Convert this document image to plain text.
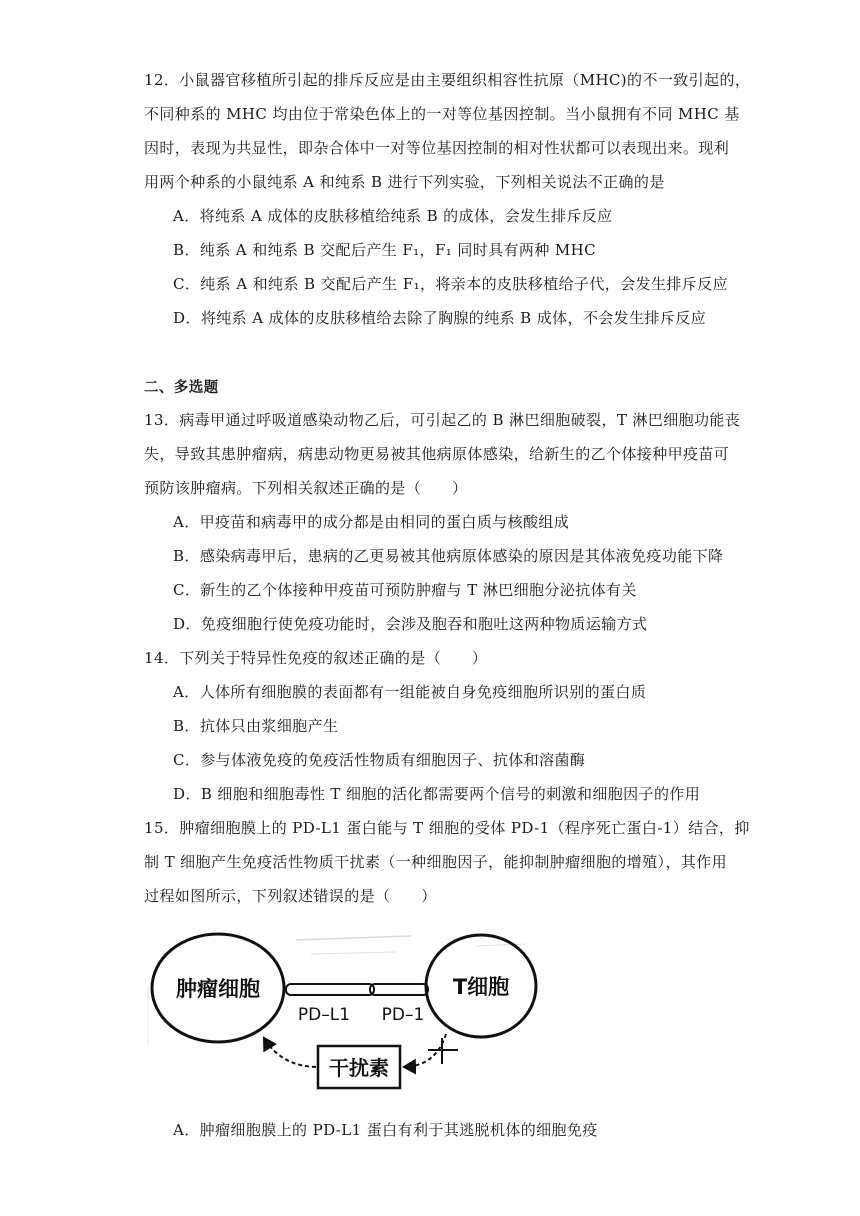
12．小鼠器官移植所引起的排斥反应是由主要组织相容性抗原（MHC)的不一致引起的，
不同种系的 MHC 均由位于常染色体上的一对等位基因控制。当小鼠拥有不同 MHC 基
因时，表现为共显性，即杂合体中一对等位基因控制的相对性状都可以表现出来。现利
用两个种系的小鼠纯系 A 和纯系 B 进行下列实验，下列相关说法不正确的是
A．将纯系 A 成体的皮肤移植给纯系 B 的成体，会发生排斥反应
B．纯系 A 和纯系 B 交配后产生 F₁，F₁ 同时具有两种 MHC
C．纯系 A 和纯系 B 交配后产生 F₁，将亲本的皮肤移植给子代，会发生排斥反应
D．将纯系 A 成体的皮肤移植给去除了胸腺的纯系 B 成体，不会发生排斥反应
二、多选题
13．病毒甲通过呼吸道感染动物乙后，可引起乙的 B 淋巴细胞破裂，T 淋巴细胞功能丧
失，导致其患肿瘤病，病患动物更易被其他病原体感染，给新生的乙个体接种甲疫苗可
预防该肿瘤病。下列相关叙述正确的是（　　）
A．甲疫苗和病毒甲的成分都是由相同的蛋白质与核酸组成
B．感染病毒甲后，患病的乙更易被其他病原体感染的原因是其体液免疫功能下降
C．新生的乙个体接种甲疫苗可预防肿瘤与 T 淋巴细胞分泌抗体有关
D．免疫细胞行使免疫功能时，会涉及胞吞和胞吐这两种物质运输方式
14．下列关于特异性免疫的叙述正确的是（　　）
A．人体所有细胞膜的表面都有一组能被自身免疫细胞所识别的蛋白质
B．抗体只由浆细胞产生
C．参与体液免疫的免疫活性物质有细胞因子、抗体和溶菌酶
D．B 细胞和细胞毒性 T 细胞的活化都需要两个信号的刺激和细胞因子的作用
15．肿瘤细胞膜上的 PD-L1 蛋白能与 T 细胞的受体 PD-1（程序死亡蛋白-1）结合，抑
制 T 细胞产生免疫活性物质干扰素（一种细胞因子，能抑制肿瘤细胞的增殖），其作用
过程如图所示，下列叙述错误的是（　　）
肿瘤细胞	T细胞
PD–L1 PD–1
干扰素
A．肿瘤细胞膜上的 PD-L1 蛋白有利于其逃脱机体的细胞免疫
